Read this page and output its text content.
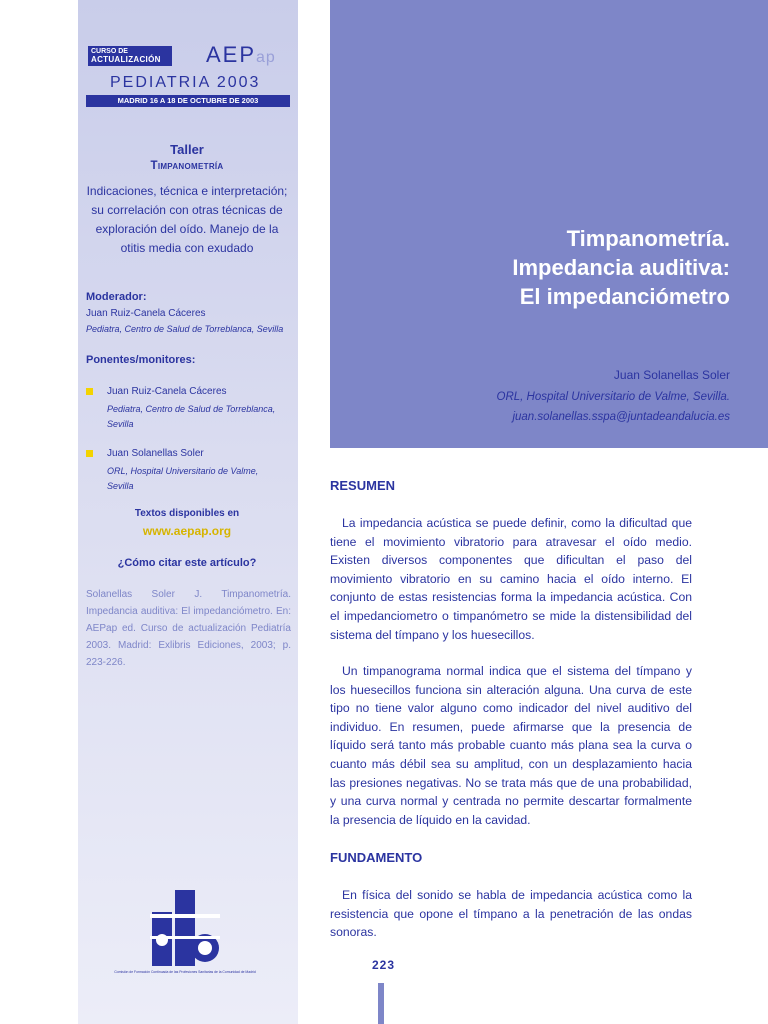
CURSO DE
ACTUALIZACIÓN	AEPap
PEDIATRIA 2003
MADRID 16 A 18 DE OCTUBRE DE 2003
Taller
Timpanometría
Indicaciones, técnica e interpretación; su correlación con otras técnicas de exploración del oído. Manejo de la otitis media con exudado
Moderador:
Juan Ruiz-Canela Cáceres
Pediatra, Centro de Salud de Torreblanca, Sevilla
Ponentes/monitores:
Juan Ruiz-Canela Cáceres
Pediatra, Centro de Salud de Torreblanca, Sevilla
Juan Solanellas Soler
ORL, Hospital Universitario de Valme, Sevilla
Textos disponibles en
www.aepap.org
¿Cómo citar este artículo?
Solanellas Soler J. Timpanometría. Impedancia auditiva: El impedanciómetro. En: AEPap ed. Curso de actualización Pediatría 2003. Madrid: Exlibris Ediciones, 2003; p. 223-226.
Comisión de Formación Continuada de las Profesiones Sanitarias de la Comunidad de Madrid
Timpanometría.
Impedancia auditiva:
El impedanciómetro
Juan Solanellas Soler
ORL, Hospital Universitario de Valme, Sevilla.
juan.solanellas.sspa@juntadeandalucia.es
RESUMEN
La impedancia acústica se puede definir, como la dificultad que tiene el movimiento vibratorio para atravesar el oído medio. Existen diversos componentes que dificultan el paso del movimiento vibratorio en su camino hacia el oído interno. El conjunto de estas resistencias forma la impedancia acústica. Con el impedanciometro o timpanómetro se mide la distensibilidad del sistema del tímpano y los huesecillos.
Un timpanograma normal indica que el sistema del tímpano y los huesecillos funciona sin alteración alguna. Una curva de este tipo no tiene valor alguno como indicador del nivel auditivo del individuo. En resumen, puede afirmarse que la presencia de líquido será tanto más probable cuanto más plana sea la curva o cuanto más débil sea su amplitud, con un desplazamiento hacia las presiones negativas. No se trata más que de una probabilidad, y una curva normal y centrada no permite descartar formalmente la presencia de líquido en la cavidad.
FUNDAMENTO
En física del sonido se habla de impedancia acústica como la resistencia que opone el tímpano a la penetración de las ondas sonoras.
223
